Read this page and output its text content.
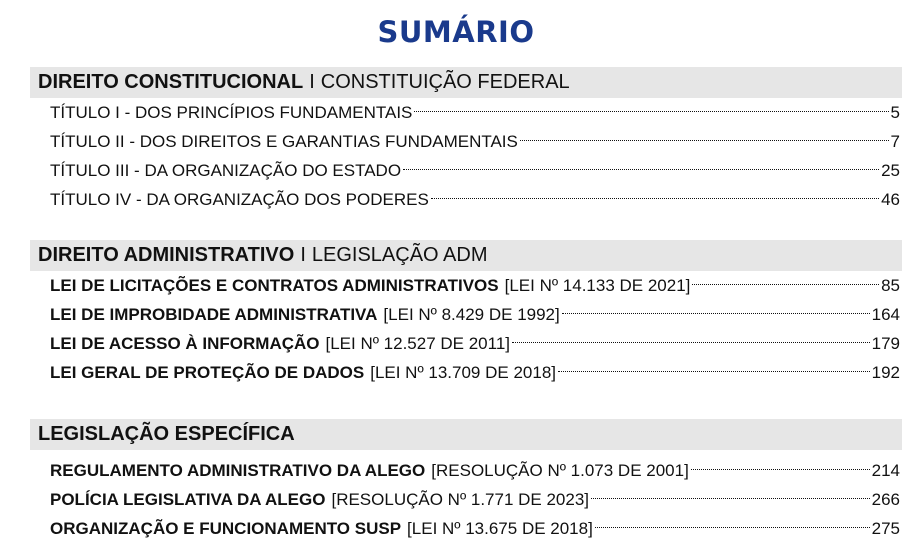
SUMÁRIO
DIREITO CONSTITUCIONAL I CONSTITUIÇÃO FEDERAL
TÍTULO I - DOS PRINCÍPIOS FUNDAMENTAIS	5
TÍTULO II - DOS DIREITOS E GARANTIAS FUNDAMENTAIS	7
TÍTULO III - DA ORGANIZAÇÃO DO ESTADO	25
TÍTULO IV - DA ORGANIZAÇÃO DOS PODERES	46
DIREITO ADMINISTRATIVO I LEGISLAÇÃO ADM
LEI DE LICITAÇÕES E CONTRATOS ADMINISTRATIVOS [LEI Nº 14.133 DE 2021]	85
LEI DE IMPROBIDADE ADMINISTRATIVA [LEI Nº 8.429 DE 1992]	164
LEI DE ACESSO À INFORMAÇÃO [LEI Nº 12.527 DE 2011]	179
LEI GERAL DE PROTEÇÃO DE DADOS [LEI Nº 13.709 DE 2018]	192
LEGISLAÇÃO ESPECÍFICA
REGULAMENTO ADMINISTRATIVO DA ALEGO [RESOLUÇÃO Nº 1.073 DE 2001]	214
POLÍCIA LEGISLATIVA DA ALEGO [RESOLUÇÃO Nº 1.771 DE 2023]	266
ORGANIZAÇÃO E FUNCIONAMENTO SUSP [LEI Nº 13.675 DE 2018]	275
